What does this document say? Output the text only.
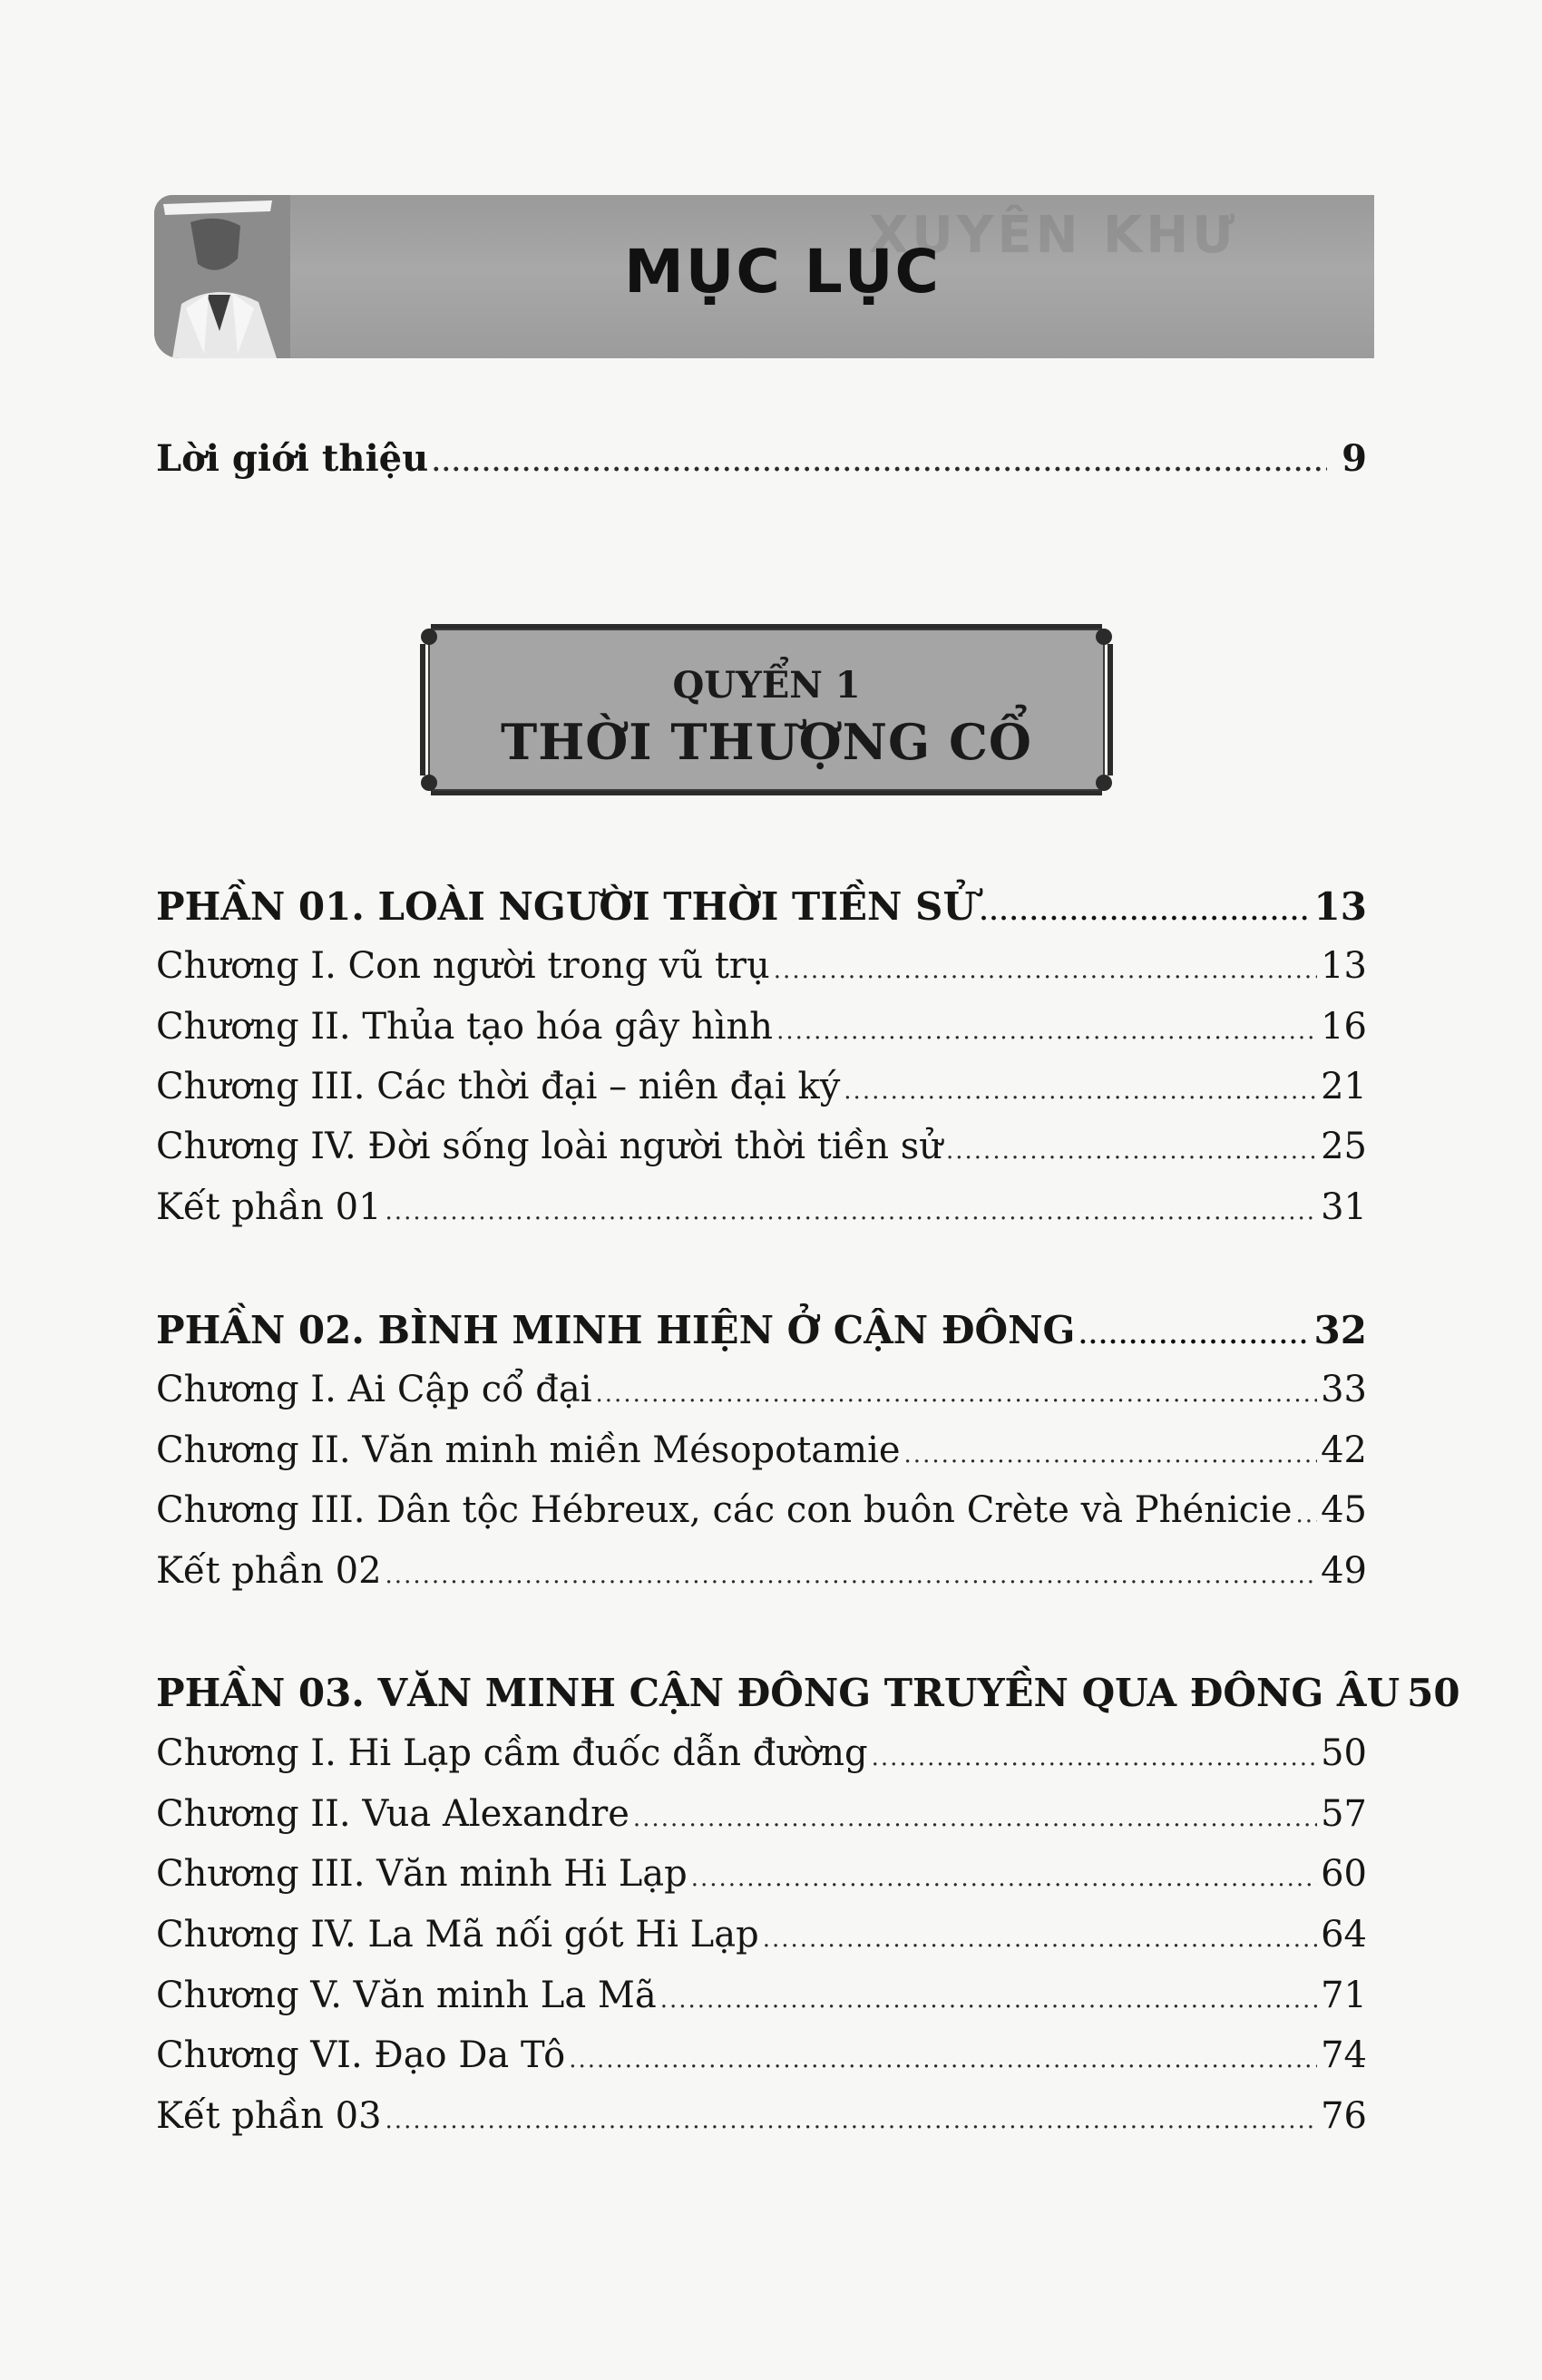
XUYÊN KHƯ
MỤC LỤC
Lời giới thiệu .....	9
QUYỂN 1
THỜI THƯỢNG CỔ
PHẦN 01. LOÀI NGƯỜI THỜI TIỀN SỬ .....	13
Chương I. Con người trong vũ trụ .....	13
Chương II. Thủa tạo hóa gây hình .....	16
Chương III. Các thời đại – niên đại ký .....	21
Chương IV. Đời sống loài người thời tiền sử .....	25
Kết phần 01 .....	31
PHẦN 02. BÌNH MINH HIỆN Ở CẬN ĐÔNG .....	32
Chương I. Ai Cập cổ đại .....	33
Chương II. Văn minh miền Mésopotamie .....	42
Chương III. Dân tộc Hébreux, các con buôn Crète và Phénicie ..... 45
Kết phần 02 .....	49
PHẦN 03. VĂN MINH CẬN ĐÔNG TRUYỀN QUA ĐÔNG ÂU 50
Chương I. Hi Lạp cầm đuốc dẫn đường .....	50
Chương II. Vua Alexandre .....	57
Chương III. Văn minh Hi Lạp .....	60
Chương IV. La Mã nối gót Hi Lạp .....	64
Chương V. Văn minh La Mã .....	71
Chương VI. Đạo Da Tô .....	74
Kết phần 03 .....	76
